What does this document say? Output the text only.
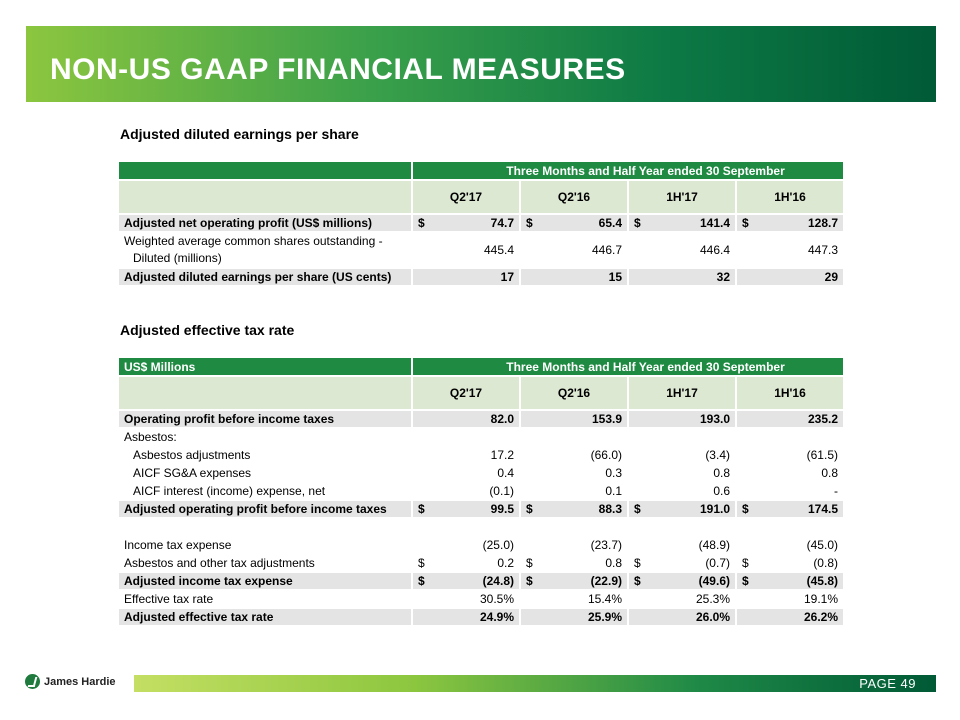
NON-US GAAP FINANCIAL MEASURES
Adjusted diluted earnings per share
	Three Months and Half Year ended 30 September			
	Q2'17	Q2'16	1H'17	1H'16
Adjusted net operating profit (US$ millions)	$ 74.7	$ 65.4	$ 141.4	$ 128.7

Weighted average common shares outstanding -
Diluted (millions)	445.4	446.7	446.4	447.3

Adjusted diluted earnings per share (US cents)	17	15	32	29
Adjusted effective tax rate
US$ Millions	Three Months and Half Year ended 30 September			
	Q2'17	Q2'16	1H'17	1H'16
Operating profit before income taxes	82.0	153.9	193.0	235.2

Asbestos:	

Asbestos adjustments	17.2	(66.0)	(3.4)	(61.5)

AICF SG&A expenses	0.4	0.3	0.8	0.8

AICF interest (income) expense, net	(0.1)	0.1	0.6	-

Adjusted operating profit before income taxes	$ 99.5	$ 88.3	$ 191.0	$ 174.5

Income tax expense	(25.0)	(23.7)	(48.9)	(45.0)

Asbestos and other tax adjustments	$ 0.2	$ 0.8	$ (0.7)	$ (0.8)

Adjusted income tax expense	$ (24.8)	$ (22.9)	$ (49.6)	$ (45.8)

Effective tax rate	30.5%	15.4%	25.3%	19.1%

Adjusted effective tax rate	24.9%	25.9%	26.0%	26.2%
James Hardie	PAGE 49
